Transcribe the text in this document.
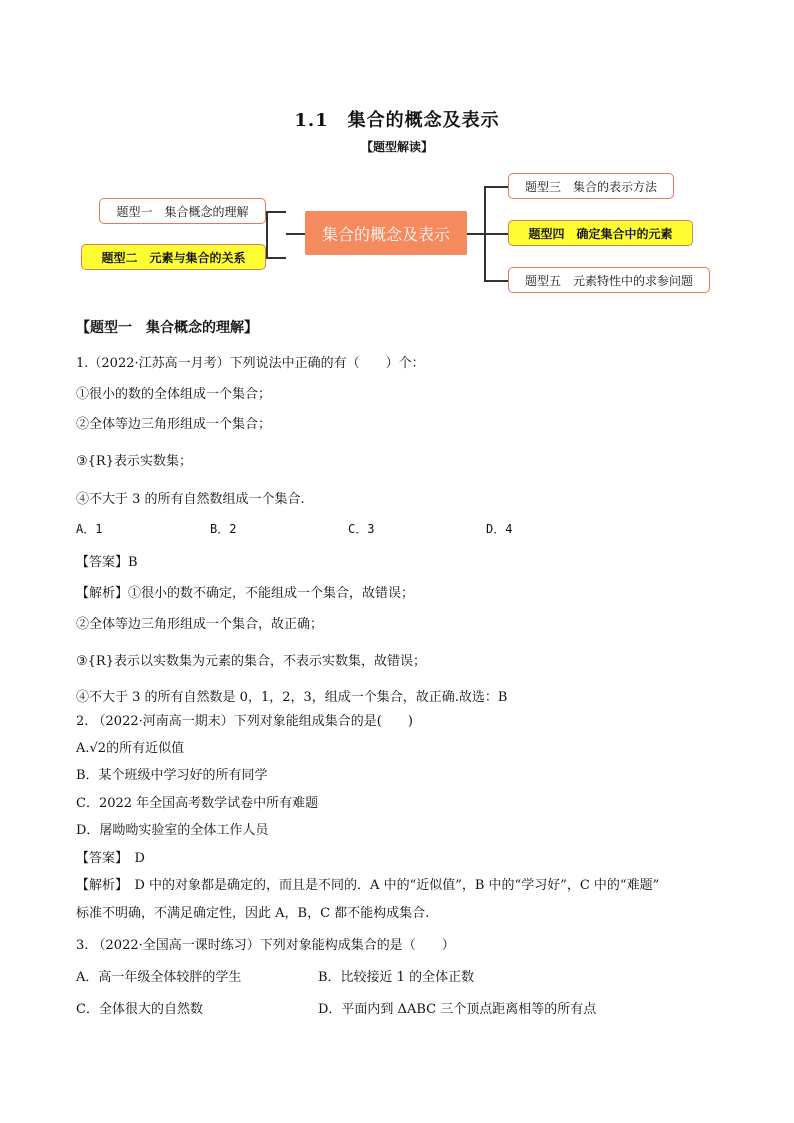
1.1　集合的概念及表示
【题型解读】
题型一　集合概念的理解
题型二　元素与集合的关系
集合的概念及表示
题型三　集合的表示方法
题型四　确定集合中的元素
题型五　元素特性中的求参问题
【题型一　集合概念的理解】
1.（2022·江苏高一月考）下列说法中正确的有（　　）个：
①很小的数的全体组成一个集合；
②全体等边三角形组成一个集合；
③{R}表示实数集；
④不大于 3 的所有自然数组成一个集合.
A．1	B．2	C．3	D．4
【答案】B
【解析】①很小的数不确定，不能组成一个集合，故错误；
②全体等边三角形组成一个集合，故正确；
③{R}表示以实数集为元素的集合，不表示实数集，故错误；
④不大于 3 的所有自然数是 0，1，2，3，组成一个集合，故正确.故选：B
2. （2022·河南高一期末）下列对象能组成集合的是(　　)
A.√2的所有近似值
B．某个班级中学习好的所有同学
C．2022 年全国高考数学试卷中所有难题
D．屠呦呦实验室的全体工作人员
【答案】　D
【解析】　D 中的对象都是确定的，而且是不同的．A 中的“近似值”，B 中的“学习好”，C 中的“难题”
标准不明确，不满足确定性，因此 A，B，C 都不能构成集合.
3. （2022·全国高一课时练习）下列对象能构成集合的是（　　）
A．高一年级全体较胖的学生	B．比较接近 1 的全体正数
C．全体很大的自然数	D．平面内到 ΔABC 三个顶点距离相等的所有点
